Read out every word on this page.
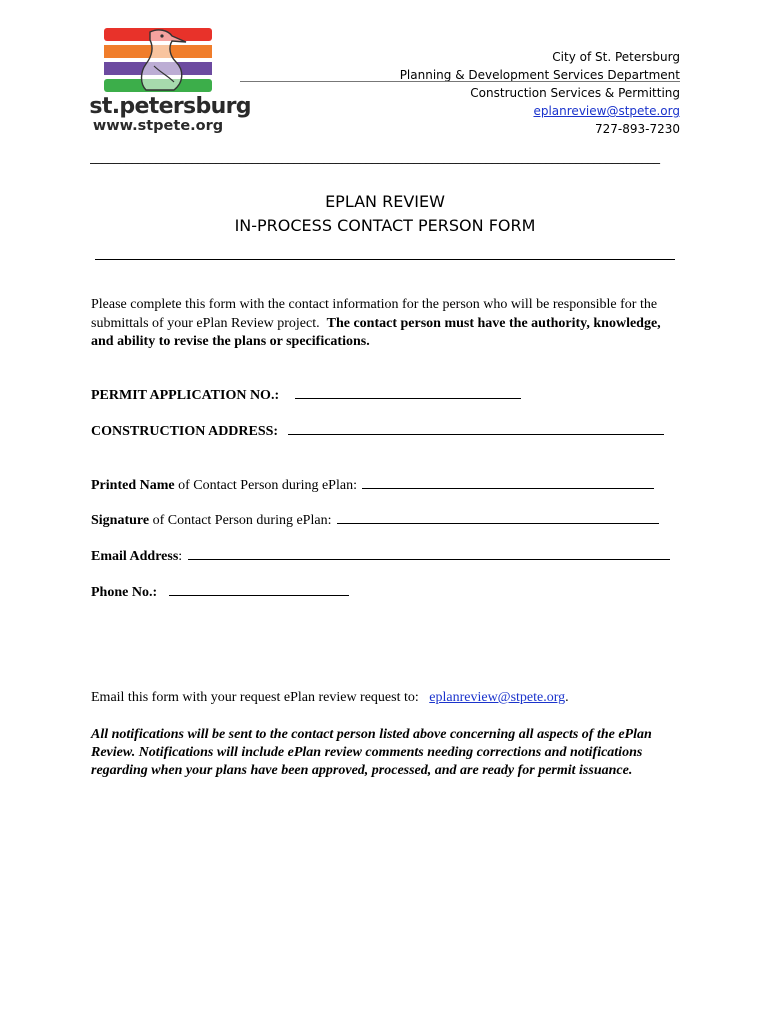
st.petersburg
www.stpete.org
City of St. Petersburg
Planning & Development Services Department
Construction Services & Permitting
eplanreview@stpete.org
727-893-7230
_______________________________________________________________________________________________
EPLAN REVIEW
IN-PROCESS CONTACT PERSON FORM
Please complete this form with the contact information for the person who will be responsible for the submittals of your ePlan Review project. The contact person must have the authority, knowledge, and ability to revise the plans or specifications.
PERMIT APPLICATION NO.:
CONSTRUCTION ADDRESS:
Printed Name of Contact Person during ePlan:
Signature of Contact Person during ePlan:
Email Address:
Phone No.:
Email this form with your request ePlan review request to: eplanreview@stpete.org.
All notifications will be sent to the contact person listed above concerning all aspects of the ePlan Review. Notifications will include ePlan review comments needing corrections and notifications regarding when your plans have been approved, processed, and are ready for permit issuance.
